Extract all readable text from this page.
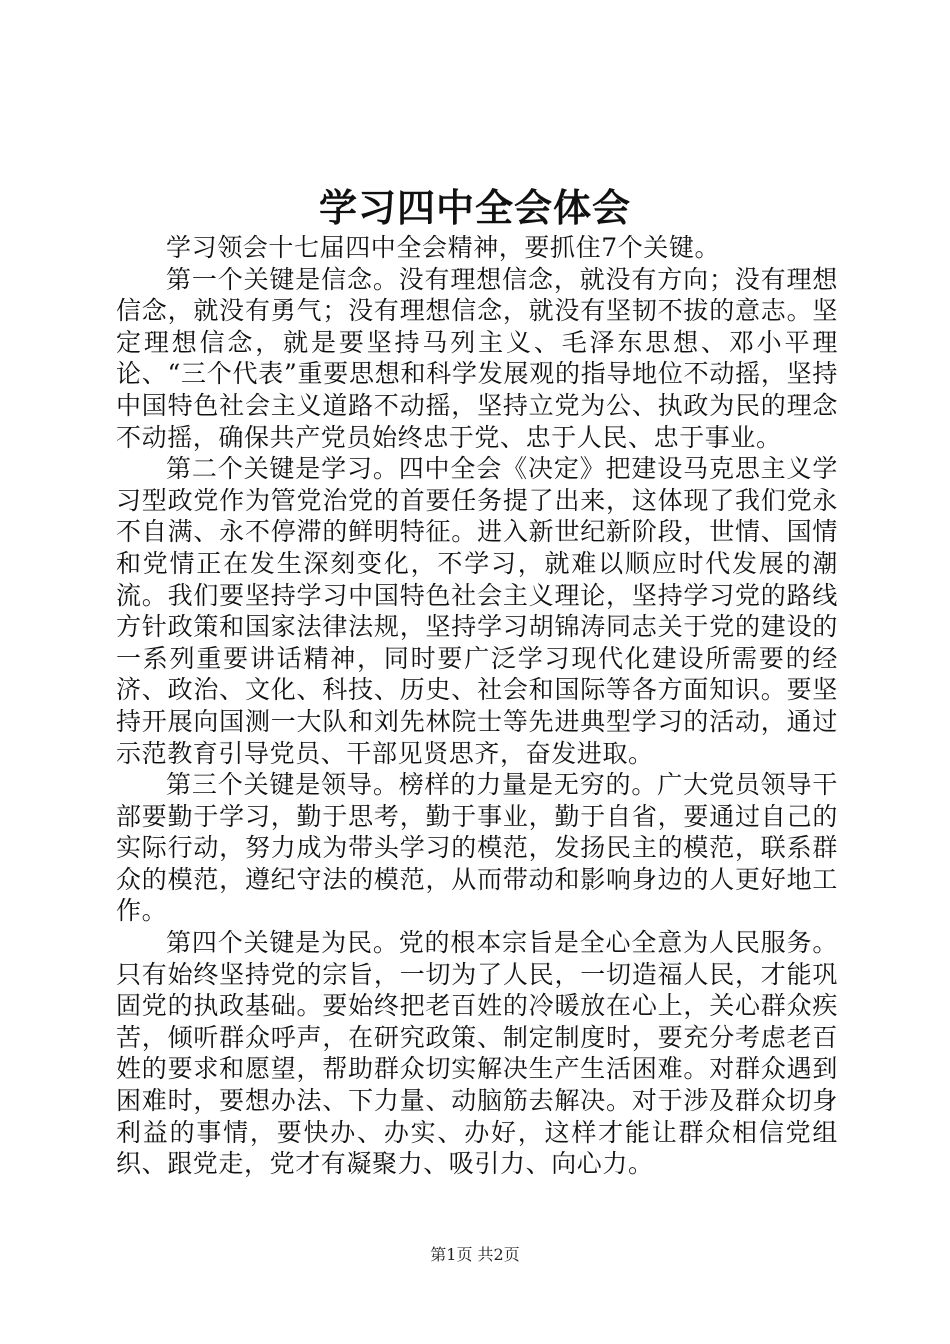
学习四中全会体会

学习领会十七届四中全会精神，要抓住7个关键。

第一个关键是信念。没有理想信念，就没有方向；没有理想信念，就没有勇气；没有理想信念，就没有坚韧不拔的意志。坚定理想信念，就是要坚持马列主义、毛泽东思想、邓小平理论、“三个代表”重要思想和科学发展观的指导地位不动摇，坚持中国特色社会主义道路不动摇，坚持立党为公、执政为民的理念不动摇，确保共产党员始终忠于党、忠于人民、忠于事业。

第二个关键是学习。四中全会《决定》把建设马克思主义学习型政党作为管党治党的首要任务提了出来，这体现了我们党永不自满、永不停滞的鲜明特征。进入新世纪新阶段，世情、国情和党情正在发生深刻变化，不学习，就难以顺应时代发展的潮流。我们要坚持学习中国特色社会主义理论，坚持学习党的路线方针政策和国家法律法规，坚持学习胡锦涛同志关于党的建设的一系列重要讲话精神，同时要广泛学习现代化建设所需要的经济、政治、文化、科技、历史、社会和国际等各方面知识。要坚持开展向国测一大队和刘先林院士等先进典型学习的活动，通过示范教育引导党员、干部见贤思齐，奋发进取。

第三个关键是领导。榜样的力量是无穷的。广大党员领导干部要勤于学习，勤于思考，勤于事业，勤于自省，要通过自己的实际行动，努力成为带头学习的模范，发扬民主的模范，联系群众的模范，遵纪守法的模范，从而带动和影响身边的人更好地工作。

第四个关键是为民。党的根本宗旨是全心全意为人民服务。只有始终坚持党的宗旨，一切为了人民，一切造福人民，才能巩固党的执政基础。要始终把老百姓的冷暖放在心上，关心群众疾苦，倾听群众呼声，在研究政策、制定制度时，要充分考虑老百姓的要求和愿望，帮助群众切实解决生产生活困难。对群众遇到困难时，要想办法、下力量、动脑筋去解决。对于涉及群众切身利益的事情，要快办、办实、办好，这样才能让群众相信党组织、跟党走，党才有凝聚力、吸引力、向心力。

第1页 共2页
